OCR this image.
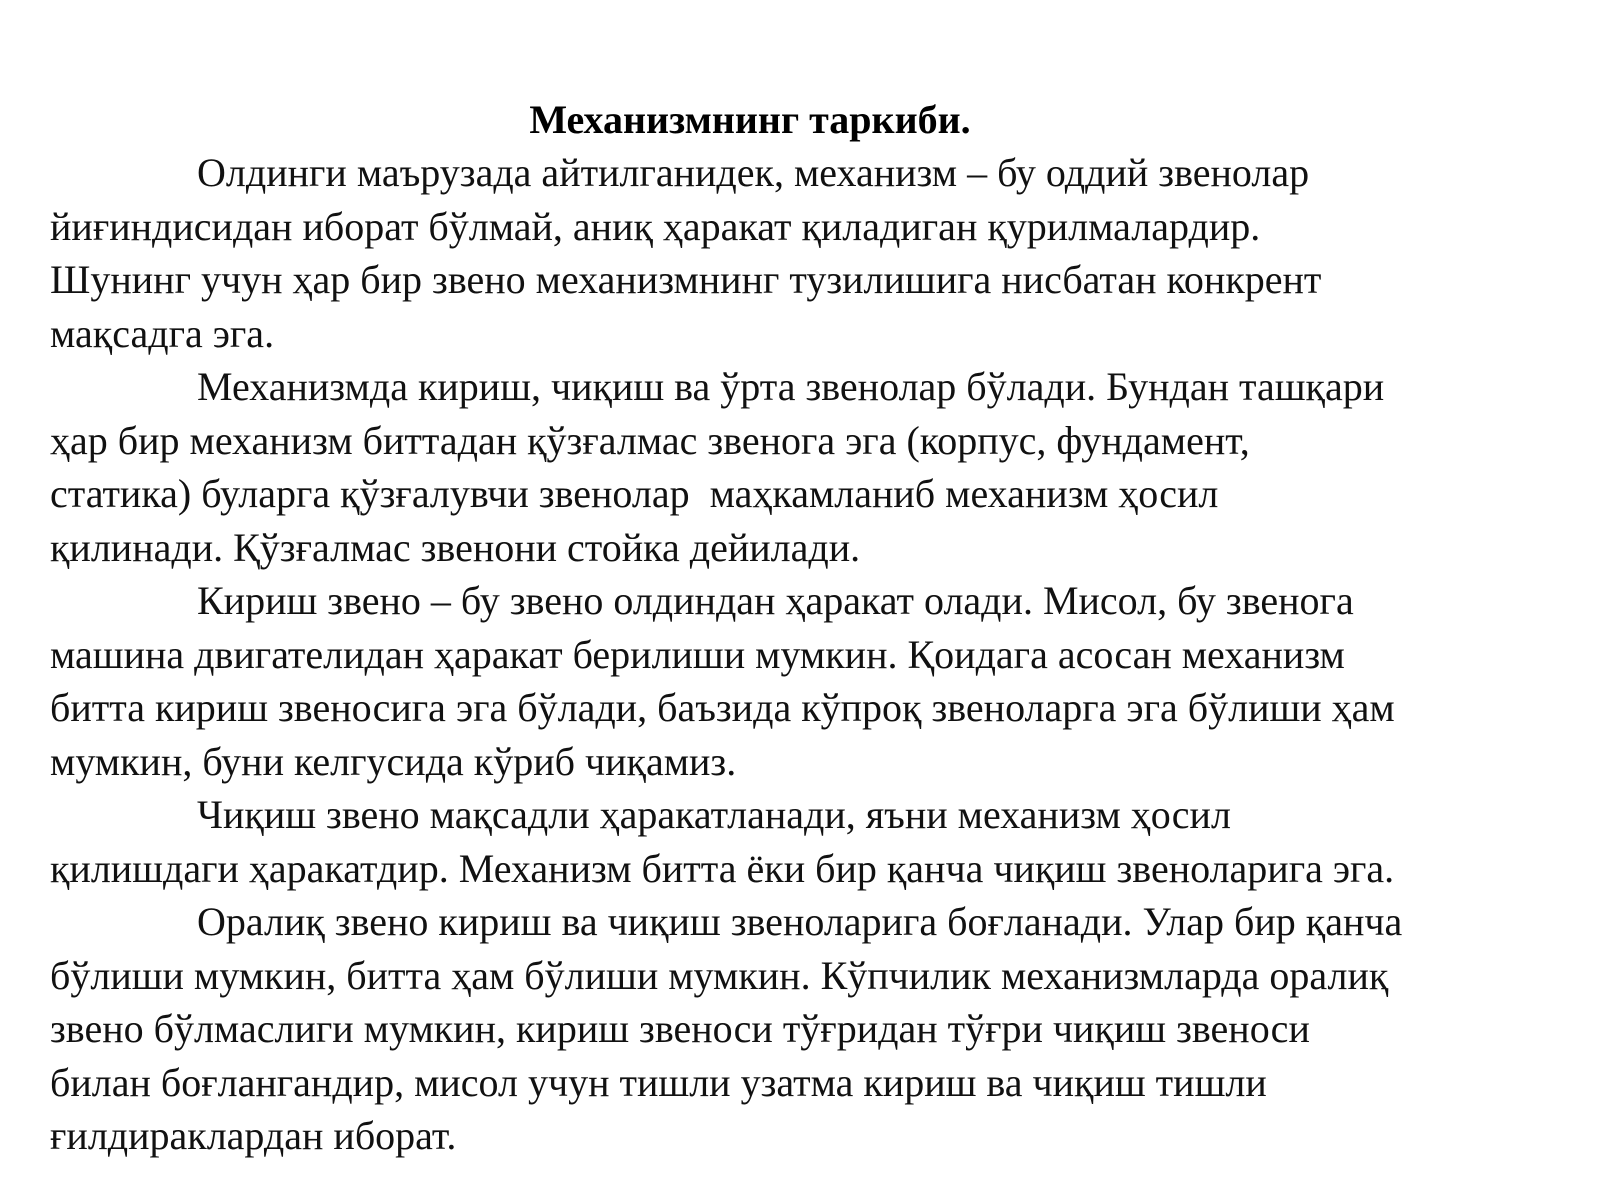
Механизмнинг таркиби.
Олдинги маърузада айтилганидек, механизм – бу оддий звенолар
йиғиндисидан иборат бўлмай, аниқ ҳаракат қиладиган қурилмалардир.
Шунинг учун ҳар бир звено механизмнинг тузилишига нисбатан конкрент
мақсадга эга.
Механизмда кириш, чиқиш ва ўрта звенолар бўлади. Бундан ташқари
ҳар бир механизм биттадан қўзғалмас звенога эга (корпус, фундамент,
статика) буларга қўзғалувчи звенолар  маҳкамланиб механизм ҳосил
қилинади. Қўзғалмас звенони стойка дейилади.
Кириш звено – бу звено олдиндан ҳаракат олади. Мисол, бу звенога
машина двигателидан ҳаракат берилиши мумкин. Қоидага асосан механизм
битта кириш звеносига эга бўлади, баъзида кўпроқ звеноларга эга бўлиши ҳам
мумкин, буни келгусида кўриб чиқамиз.
Чиқиш звено мақсадли ҳаракатланади, яъни механизм ҳосил
қилишдаги ҳаракатдир. Механизм битта ёки бир қанча чиқиш звеноларига эга.
Оралиқ звено кириш ва чиқиш звеноларига боғланади. Улар бир қанча
бўлиши мумкин, битта ҳам бўлиши мумкин. Кўпчилик механизмларда оралиқ
звено бўлмаслиги мумкин, кириш звеноси тўғридан тўғри чиқиш звеноси
билан боғлангандир, мисол учун тишли узатма кириш ва чиқиш тишли
ғилдираклардан иборат.
